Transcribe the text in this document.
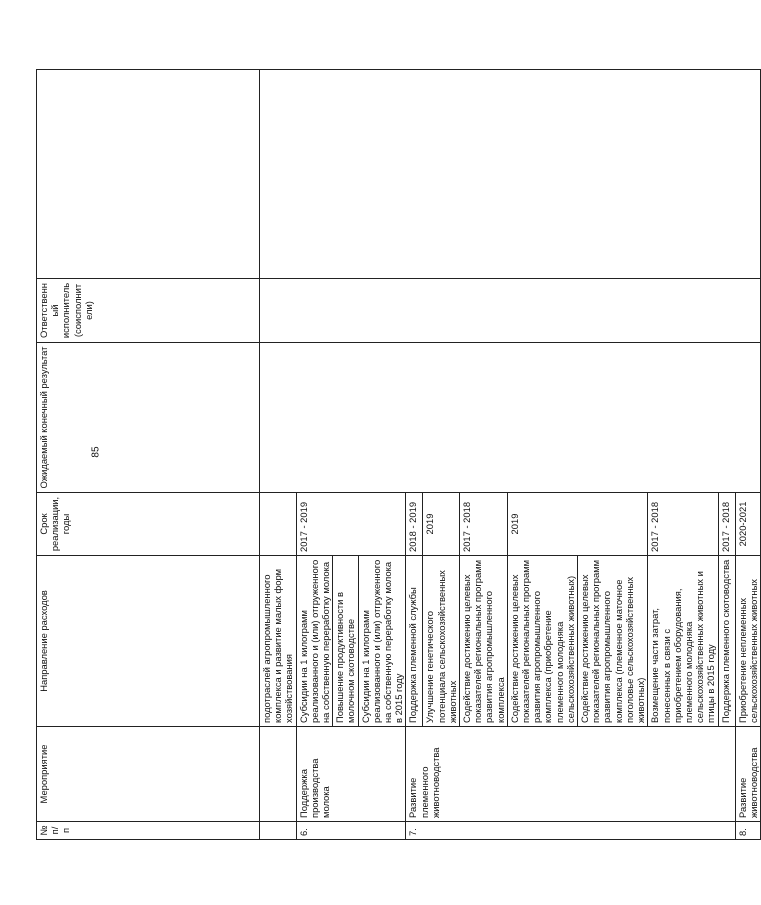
85
№ п/п	Мероприятие	Направление расходов	Срок реализации, годы	Ожидаемый конечный результат	Ответственный исполнитель (соисполнители)	
		подотраслей агропромышленного комплекса и развитие малых форм хозяйствования				
6.	Поддержка производства молока	Субсидии на 1 килограмм реализованного и (или) отгруженного на собственную переработку молока	2017 - 2019			
		Повышение продуктивности в молочном скотоводстве				
		Субсидии на 1 килограмм реализованного и (или) отгруженного на собственную переработку молока в 2015 году				
7.	Развитие племенного животноводства	Поддержка племенной службы	2018 - 2019			
		Улучшение генетического потенциала сельскохозяйственных животных	2019			
		Содействие достижению целевых показателей региональных программ развития агропромышленного комплекса	2017 - 2018			
		Содействие достижению целевых показателей региональных программ развития агропромышленного комплекса (приобретение племенного молодняка сельскохозяйственных животных)	2019			
		Содействие достижению целевых показателей региональных программ развития агропромышленного комплекса (племенное маточное поголовье сельскохозяйственных животных)				
		Возмещение части затрат, понесенных в связи с приобретением оборудования, племенного молодняка сельскохозяйственных животных и птицы в 2015 году	2017 - 2018			
		Поддержка племенного скотоводства	2017 - 2018			
8.	Развитие животноводства	Приобретение неплеменных сельскохозяйственных животных	2020-2021			
